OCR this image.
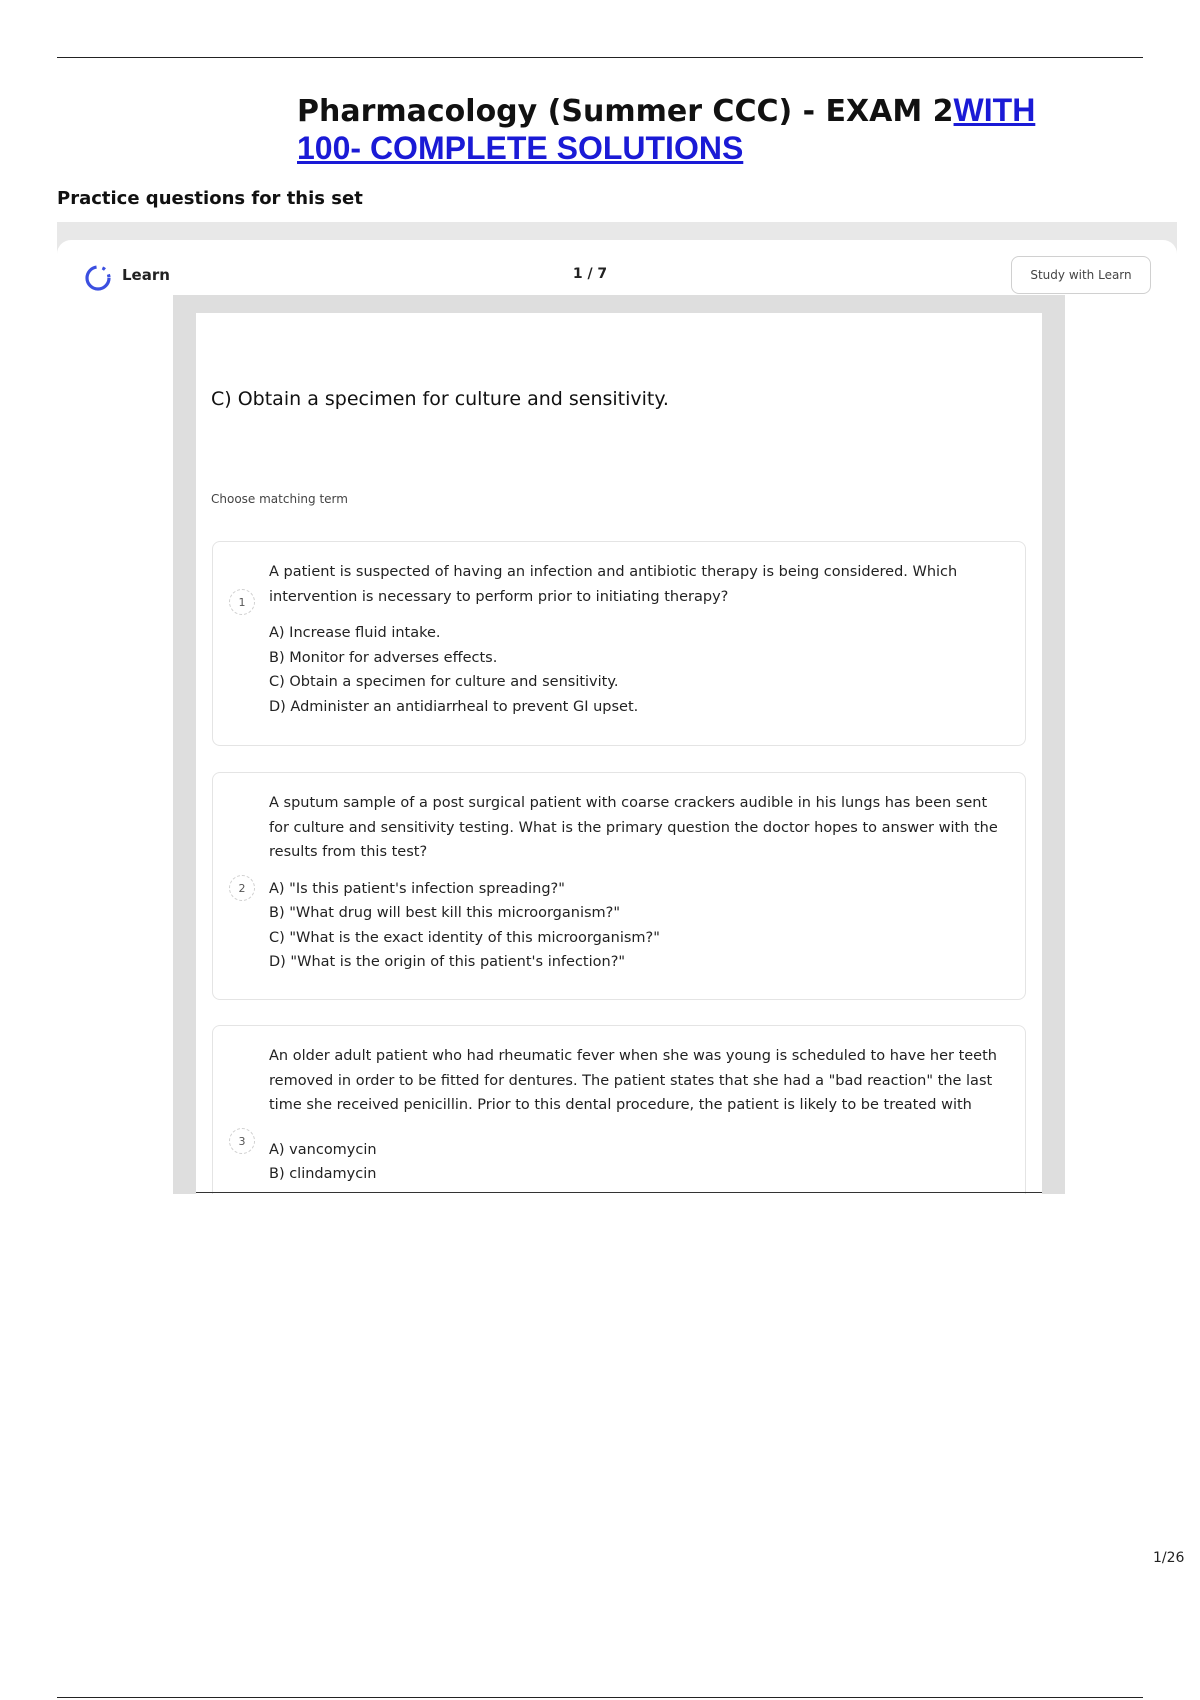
Pharmacology (Summer CCC) - EXAM 2WITH 100- COMPLETE SOLUTIONS
Practice questions for this set
Learn	1 / 7	Study with Learn
C) Obtain a specimen for culture and sensitivity.
Choose matching term
1

A patient is suspected of having an infection and antibiotic therapy is being considered. Which intervention is necessary to perform prior to initiating therapy?

A) Increase fluid intake.
B) Monitor for adverses effects.
C) Obtain a specimen for culture and sensitivity.
D) Administer an antidiarrheal to prevent GI upset.
2

A sputum sample of a post surgical patient with coarse crackers audible in his lungs has been sent for culture and sensitivity testing. What is the primary question the doctor hopes to answer with the results from this test?

A) "Is this patient's infection spreading?"
B) "What drug will best kill this microorganism?"
C) "What is the exact identity of this microorganism?"
D) "What is the origin of this patient's infection?"
3

An older adult patient who had rheumatic fever when she was young is scheduled to have her teeth removed in order to be fitted for dentures. The patient states that she had a "bad reaction" the last time she received penicillin. Prior to this dental procedure, the patient is likely to be treated with

A) vancomycin
B) clindamycin
1/26
